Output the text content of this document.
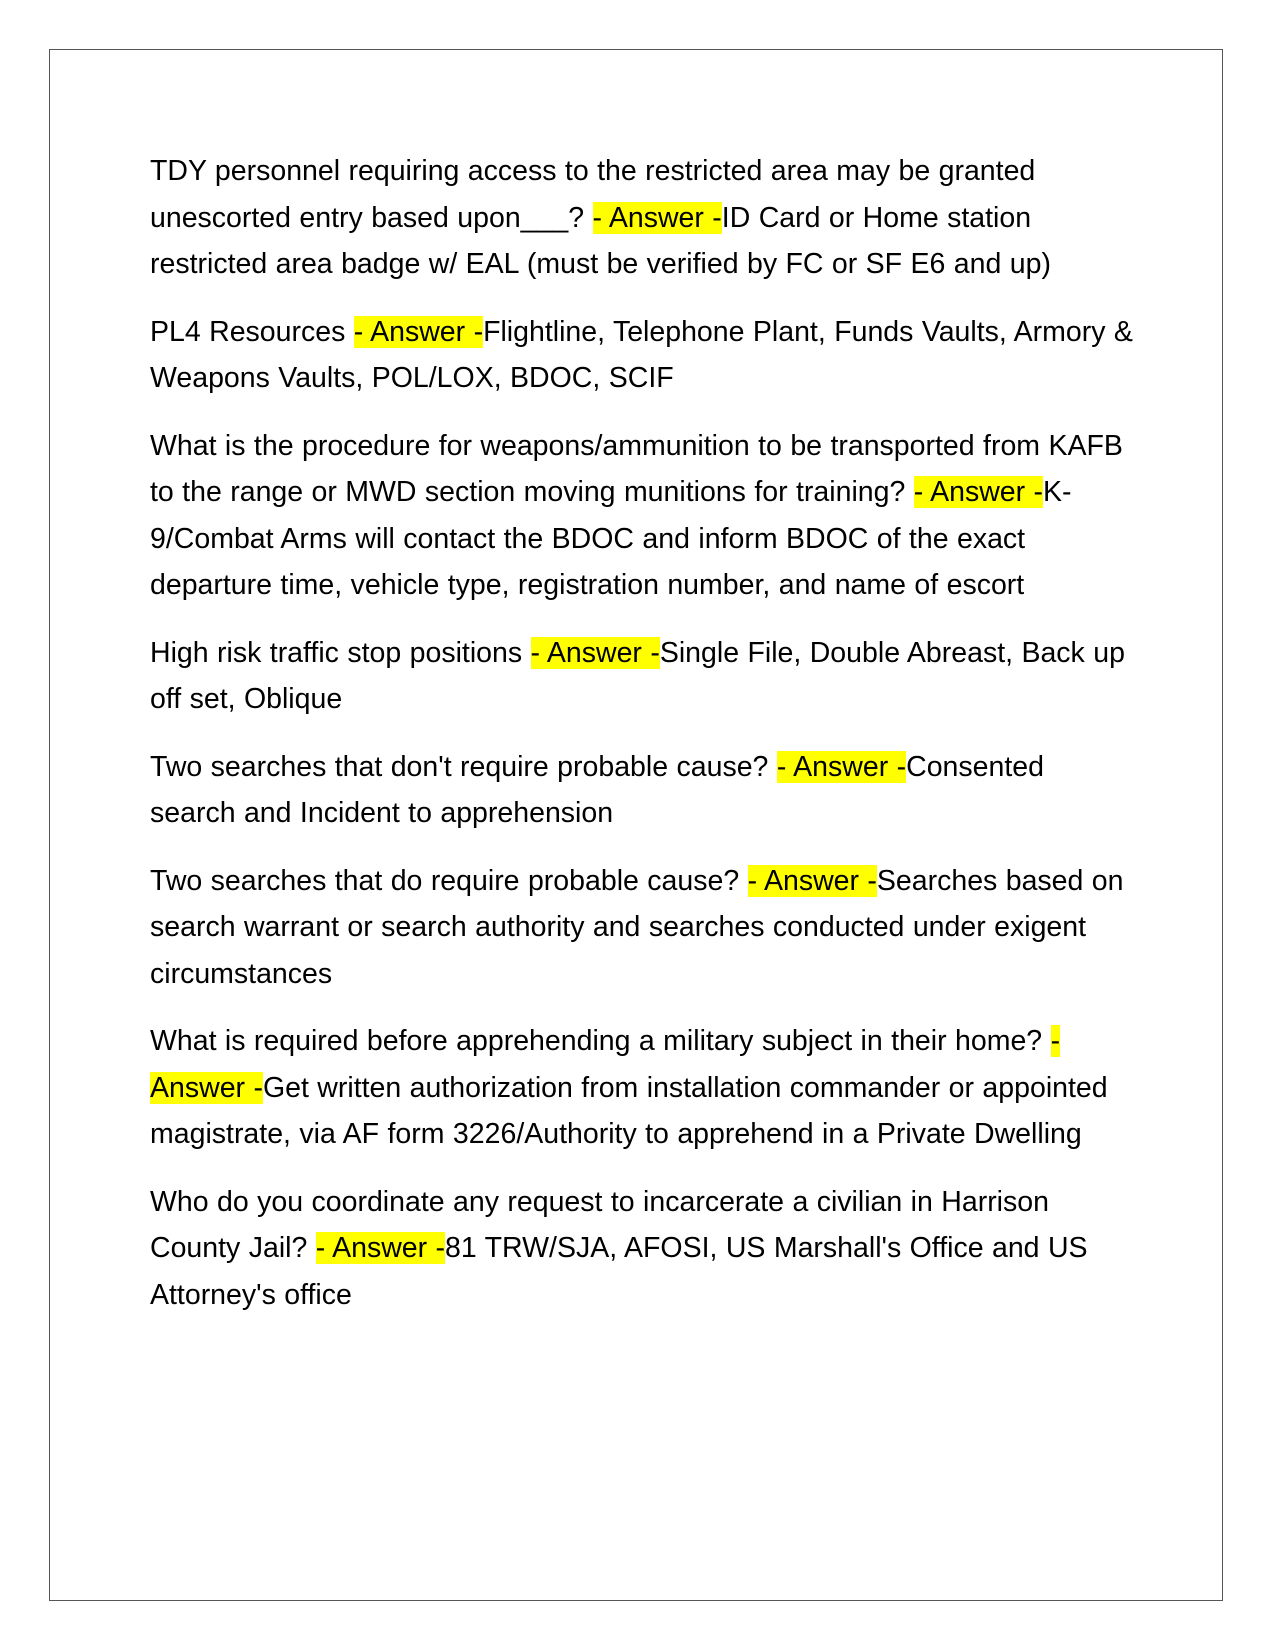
TDY personnel requiring access to the restricted area may be granted unescorted entry based upon___? - Answer -ID Card or Home station restricted area badge w/ EAL (must be verified by FC or SF E6 and up)

PL4 Resources - Answer -Flightline, Telephone Plant, Funds Vaults, Armory & Weapons Vaults, POL/LOX, BDOC, SCIF

What is the procedure for weapons/ammunition to be transported from KAFB to the range or MWD section moving munitions for training? - Answer -K-9/Combat Arms will contact the BDOC and inform BDOC of the exact departure time, vehicle type, registration number, and name of escort

High risk traffic stop positions - Answer -Single File, Double Abreast, Back up off set, Oblique

Two searches that don't require probable cause? - Answer -Consented search and Incident to apprehension

Two searches that do require probable cause? - Answer -Searches based on search warrant or search authority and searches conducted under exigent circumstances

What is required before apprehending a military subject in their home? - Answer -Get written authorization from installation commander or appointed magistrate, via AF form 3226/Authority to apprehend in a Private Dwelling

Who do you coordinate any request to incarcerate a civilian in Harrison County Jail? - Answer -81 TRW/SJA, AFOSI, US Marshall's Office and US Attorney's office
